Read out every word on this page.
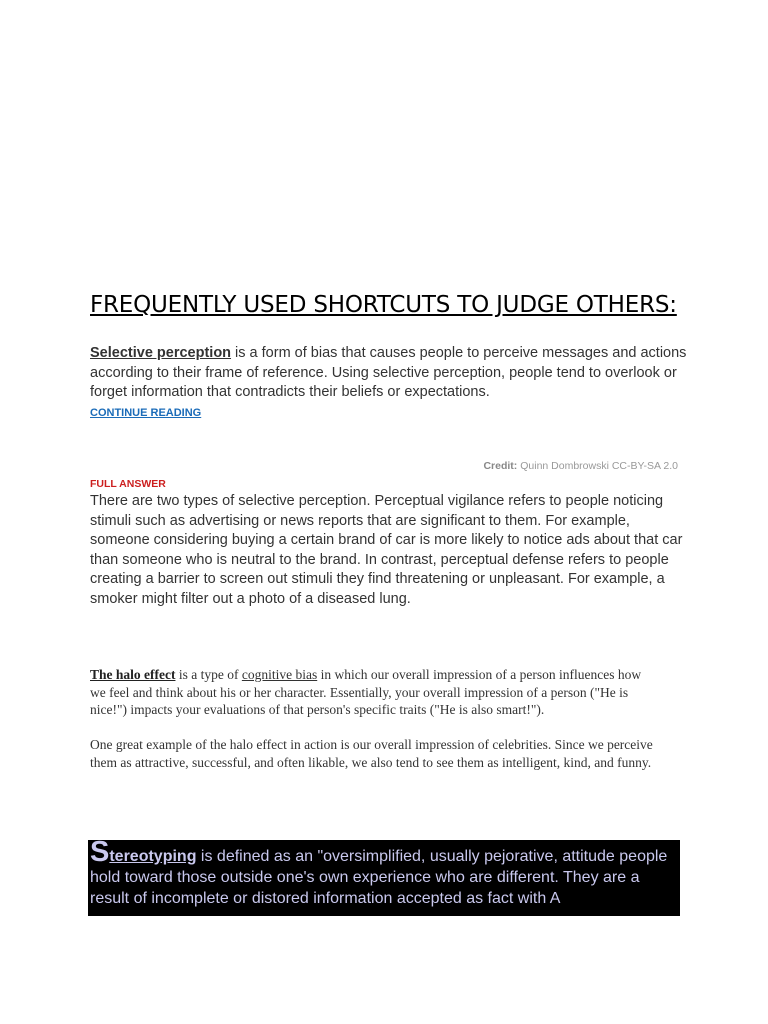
FREQUENTLY USED SHORTCUTS TO JUDGE OTHERS:
Selective perception is a form of bias that causes people to perceive messages and actions according to their frame of reference. Using selective perception, people tend to overlook or forget information that contradicts their beliefs or expectations.
CONTINUE READING
Credit: Quinn Dombrowski CC-BY-SA 2.0
FULL ANSWER
There are two types of selective perception. Perceptual vigilance refers to people noticing stimuli such as advertising or news reports that are significant to them. For example, someone considering buying a certain brand of car is more likely to notice ads about that car than someone who is neutral to the brand. In contrast, perceptual defense refers to people creating a barrier to screen out stimuli they find threatening or unpleasant. For example, a smoker might filter out a photo of a diseased lung.
The halo effect is a type of cognitive bias in which our overall impression of a person influences how we feel and think about his or her character. Essentially, your overall impression of a person ("He is nice!") impacts your evaluations of that person's specific traits ("He is also smart!").
One great example of the halo effect in action is our overall impression of celebrities. Since we perceive them as attractive, successful, and often likable, we also tend to see them as intelligent, kind, and funny.
Stereotyping is defined as an "oversimplified, usually pejorative, attitude people hold toward those outside one's own experience who are different. They are a result of incomplete or distored information accepted as fact with A
